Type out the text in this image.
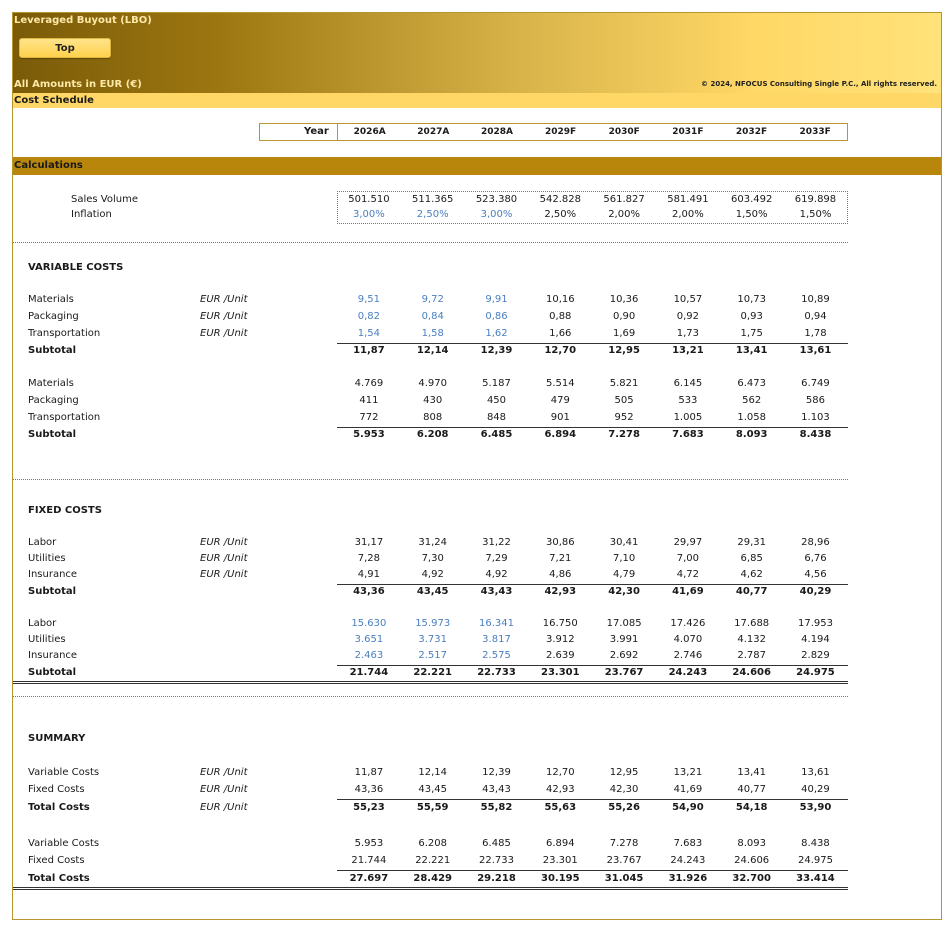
Leveraged Buyout (LBO)
Top
All Amounts in EUR (€)	© 2024, NFOCUS Consulting Single P.C., All rights reserved.
Cost Schedule
Year	2026A	2027A	2028A	2029F	2030F	2031F	2032F	2033F
Calculations
Sales Volume	501.510	511.365	523.380	542.828	561.827	581.491	603.492	619.898
Inflation	3,00%	2,50%	3,00%	2,50%	2,00%	2,00%	1,50%	1,50%
VARIABLE COSTS
Materials	EUR /Unit	9,51	9,72	9,91	10,16	10,36	10,57	10,73	10,89
Packaging	EUR /Unit	0,82	0,84	0,86	0,88	0,90	0,92	0,93	0,94
Transportation	EUR /Unit	1,54	1,58	1,62	1,66	1,69	1,73	1,75	1,78
Subtotal	11,87	12,14	12,39	12,70	12,95	13,21	13,41	13,61
Materials	4.769	4.970	5.187	5.514	5.821	6.145	6.473	6.749
Packaging	411	430	450	479	505	533	562	586
Transportation	772	808	848	901	952	1.005	1.058	1.103
Subtotal	5.953	6.208	6.485	6.894	7.278	7.683	8.093	8.438
FIXED COSTS
Labor	EUR /Unit	31,17	31,24	31,22	30,86	30,41	29,97	29,31	28,96
Utilities	EUR /Unit	7,28	7,30	7,29	7,21	7,10	7,00	6,85	6,76
Insurance	EUR /Unit	4,91	4,92	4,92	4,86	4,79	4,72	4,62	4,56
Subtotal	43,36	43,45	43,43	42,93	42,30	41,69	40,77	40,29
Labor	15.630	15.973	16.341	16.750	17.085	17.426	17.688	17.953
Utilities	3.651	3.731	3.817	3.912	3.991	4.070	4.132	4.194
Insurance	2.463	2.517	2.575	2.639	2.692	2.746	2.787	2.829
Subtotal	21.744	22.221	22.733	23.301	23.767	24.243	24.606	24.975
SUMMARY
Variable Costs	EUR /Unit	11,87	12,14	12,39	12,70	12,95	13,21	13,41	13,61
Fixed Costs	EUR /Unit	43,36	43,45	43,43	42,93	42,30	41,69	40,77	40,29
Total Costs	EUR /Unit	55,23	55,59	55,82	55,63	55,26	54,90	54,18	53,90
Variable Costs	5.953	6.208	6.485	6.894	7.278	7.683	8.093	8.438
Fixed Costs	21.744	22.221	22.733	23.301	23.767	24.243	24.606	24.975
Total Costs	27.697	28.429	29.218	30.195	31.045	31.926	32.700	33.414
